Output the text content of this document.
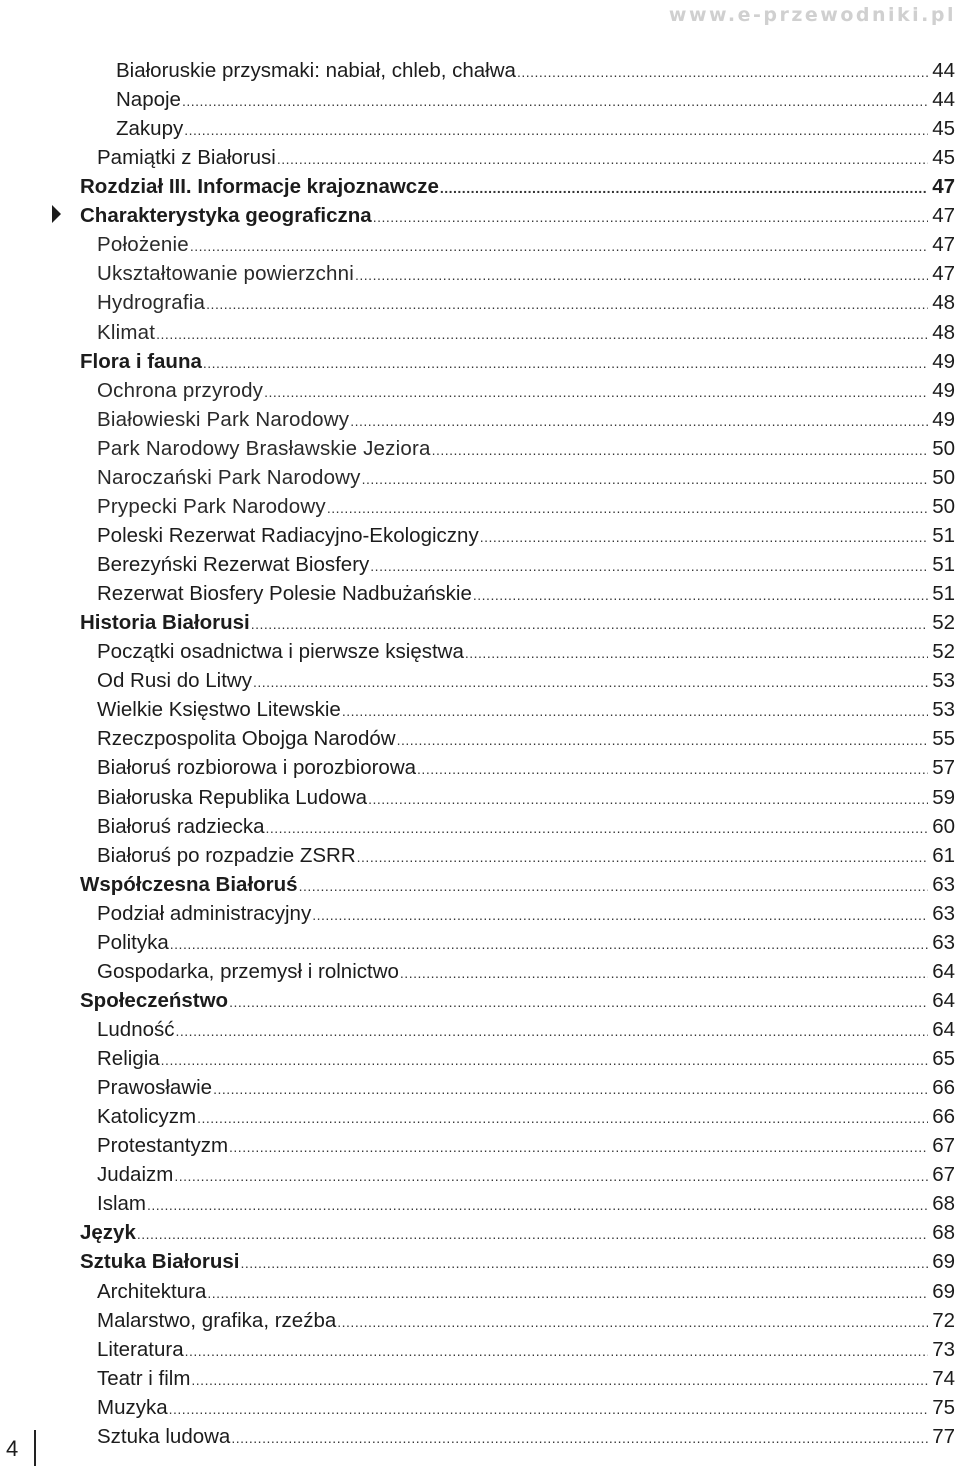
www.e-przewodniki.pl
Białoruskie przysmaki: nabiał, chleb, chałwa .....	44
Napoje .....	44
Zakupy .....	45
Pamiątki z Białorusi .....	45
Rozdział III. Informacje krajoznawcze .....	47
Charakterystyka geograficzna .....	47
Położenie .....	47
Ukształtowanie powierzchni .....	47
Hydrografia .....	48
Klimat .....	48
Flora i fauna .....	49
Ochrona przyrody .....	49
Białowieski Park Narodowy .....	49
Park Narodowy Brasławskie Jeziora .....	50
Naroczański Park Narodowy .....	50
Prypecki Park Narodowy .....	50
Poleski Rezerwat Radiacyjno-Ekologiczny .....	51
Berezyński Rezerwat Biosfery .....	51
Rezerwat Biosfery Polesie Nadbużańskie .....	51
Historia Białorusi .....	52
Początki osadnictwa i pierwsze księstwa .....	52
Od Rusi do Litwy .....	53
Wielkie Księstwo Litewskie .....	53
Rzeczpospolita Obojga Narodów .....	55
Białoruś rozbiorowa i porozbiorowa .....	57
Białoruska Republika Ludowa .....	59
Białoruś radziecka .....	60
Białoruś po rozpadzie ZSRR .....	61
Współczesna Białoruś .....	63
Podział administracyjny .....	63
Polityka .....	63
Gospodarka, przemysł i rolnictwo .....	64
Społeczeństwo .....	64
Ludność .....	64
Religia .....	65
Prawosławie .....	66
Katolicyzm .....	66
Protestantyzm .....	67
Judaizm .....	67
Islam .....	68
Język .....	68
Sztuka Białorusi .....	69
Architektura .....	69
Malarstwo, grafika, rzeźba .....	72
Literatura .....	73
Teatr i film .....	74
Muzyka .....	75
Sztuka ludowa .....	77
4
